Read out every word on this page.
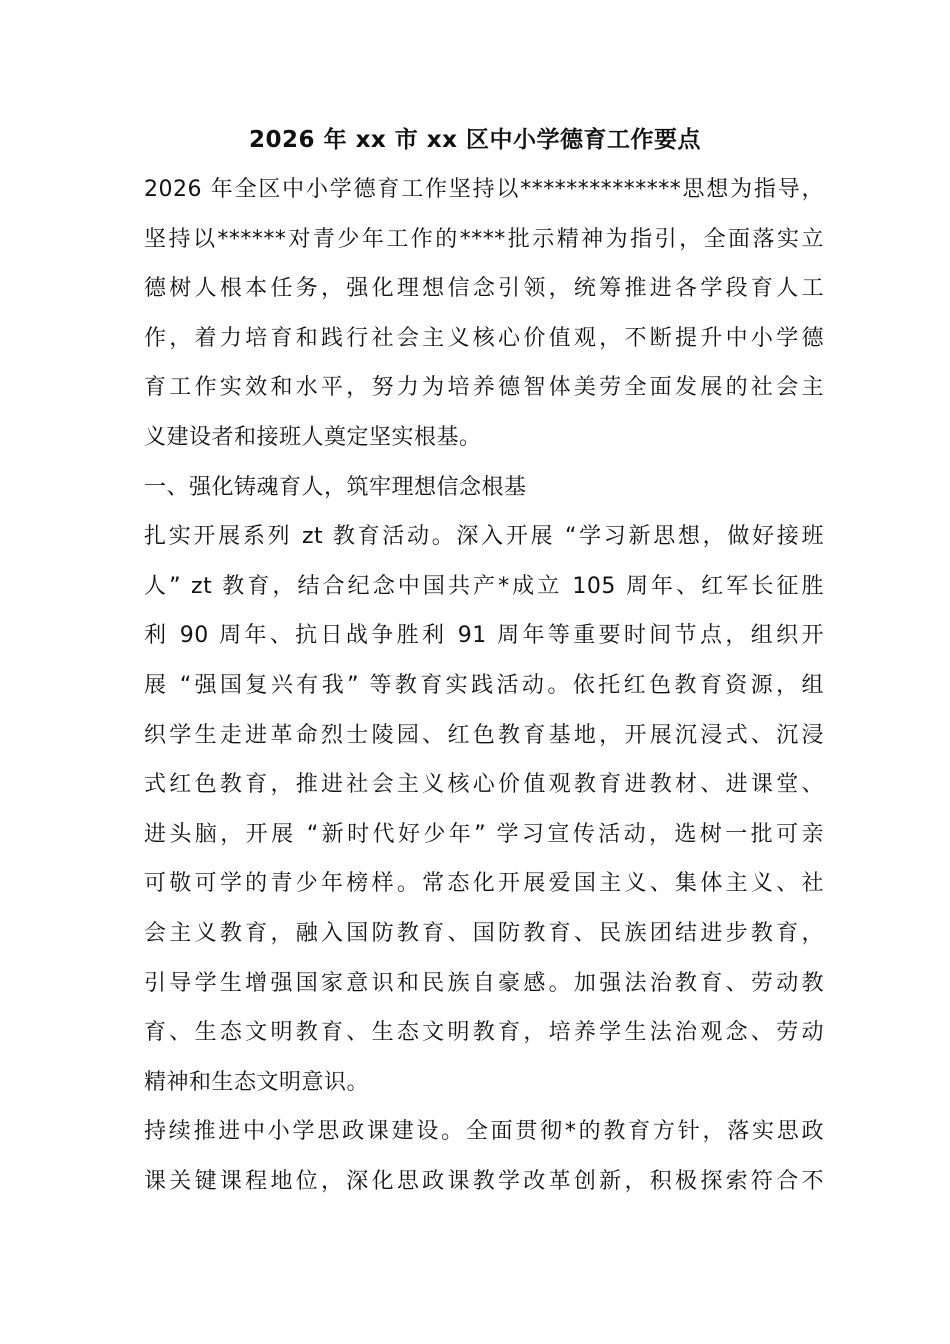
2026 年 xx 市 xx 区中小学德育工作要点
2026 年全区中小学德育工作坚持以**************思想为指导，
坚持以******对青少年工作的****批示精神为指引，全面落实立
德树人根本任务，强化理想信念引领，统筹推进各学段育人工
作，着力培育和践行社会主义核心价值观，不断提升中小学德
育工作实效和水平，努力为培养德智体美劳全面发展的社会主
义建设者和接班人奠定坚实根基。
一、强化铸魂育人，筑牢理想信念根基
扎实开展系列 zt 教育活动。深入开展 “学习新思想，做好接班
人” zt 教育，结合纪念中国共产*成立 105 周年、红军长征胜
利 90 周年、抗日战争胜利 91 周年等重要时间节点，组织开
展 “强国复兴有我” 等教育实践活动。依托红色教育资源，组
织学生走进革命烈士陵园、红色教育基地，开展沉浸式、沉浸
式红色教育，推进社会主义核心价值观教育进教材、进课堂、
进头脑，开展 “新时代好少年” 学习宣传活动，选树一批可亲
可敬可学的青少年榜样。常态化开展爱国主义、集体主义、社
会主义教育，融入国防教育、国防教育、民族团结进步教育，
引导学生增强国家意识和民族自豪感。加强法治教育、劳动教
育、生态文明教育、生态文明教育，培养学生法治观念、劳动
精神和生态文明意识。
持续推进中小学思政课建设。全面贯彻*的教育方针，落实思政
课关键课程地位，深化思政课教学改革创新，积极探索符合不
